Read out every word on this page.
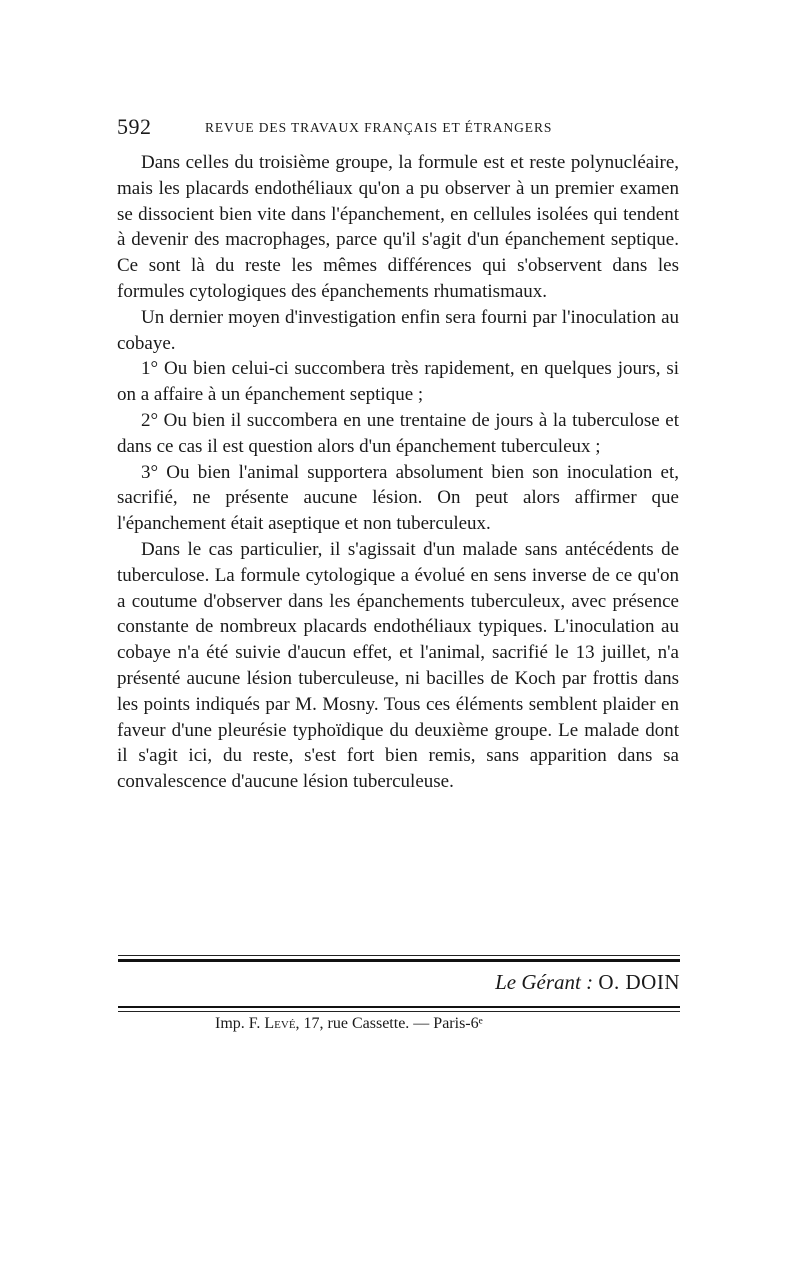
592	REVUE DES TRAVAUX FRANÇAIS ET ÉTRANGERS

Dans celles du troisième groupe, la formule est et reste polynucléaire, mais les placards endothéliaux qu'on a pu observer à un premier examen se dissocient bien vite dans l'épanchement, en cellules isolées qui tendent à devenir des macrophages, parce qu'il s'agit d'un épanchement septique. Ce sont là du reste les mêmes différences qui s'observent dans les formules cytologiques des épanchements rhumatismaux.

Un dernier moyen d'investigation enfin sera fourni par l'inoculation au cobaye.

1° Ou bien celui-ci succombera très rapidement, en quelques jours, si on a affaire à un épanchement septique ;

2° Ou bien il succombera en une trentaine de jours à la tuberculose et dans ce cas il est question alors d'un épanchement tuberculeux ;

3° Ou bien l'animal supportera absolument bien son inoculation et, sacrifié, ne présente aucune lésion. On peut alors affirmer que l'épanchement était aseptique et non tuberculeux.

Dans le cas particulier, il s'agissait d'un malade sans antécédents de tuberculose. La formule cytologique a évolué en sens inverse de ce qu'on a coutume d'observer dans les épanchements tuberculeux, avec présence constante de nombreux placards endothéliaux typiques. L'inoculation au cobaye n'a été suivie d'aucun effet, et l'animal, sacrifié le 13 juillet, n'a présenté aucune lésion tuberculeuse, ni bacilles de Koch par frottis dans les points indiqués par M. Mosny. Tous ces éléments semblent plaider en faveur d'une pleurésie typhoïdique du deuxième groupe. Le malade dont il s'agit ici, du reste, s'est fort bien remis, sans apparition dans sa convalescence d'aucune lésion tuberculeuse.

Le Gérant : O. DOIN
Imp. F. Levé, 17, rue Cassette. — Paris-6ᵉ
